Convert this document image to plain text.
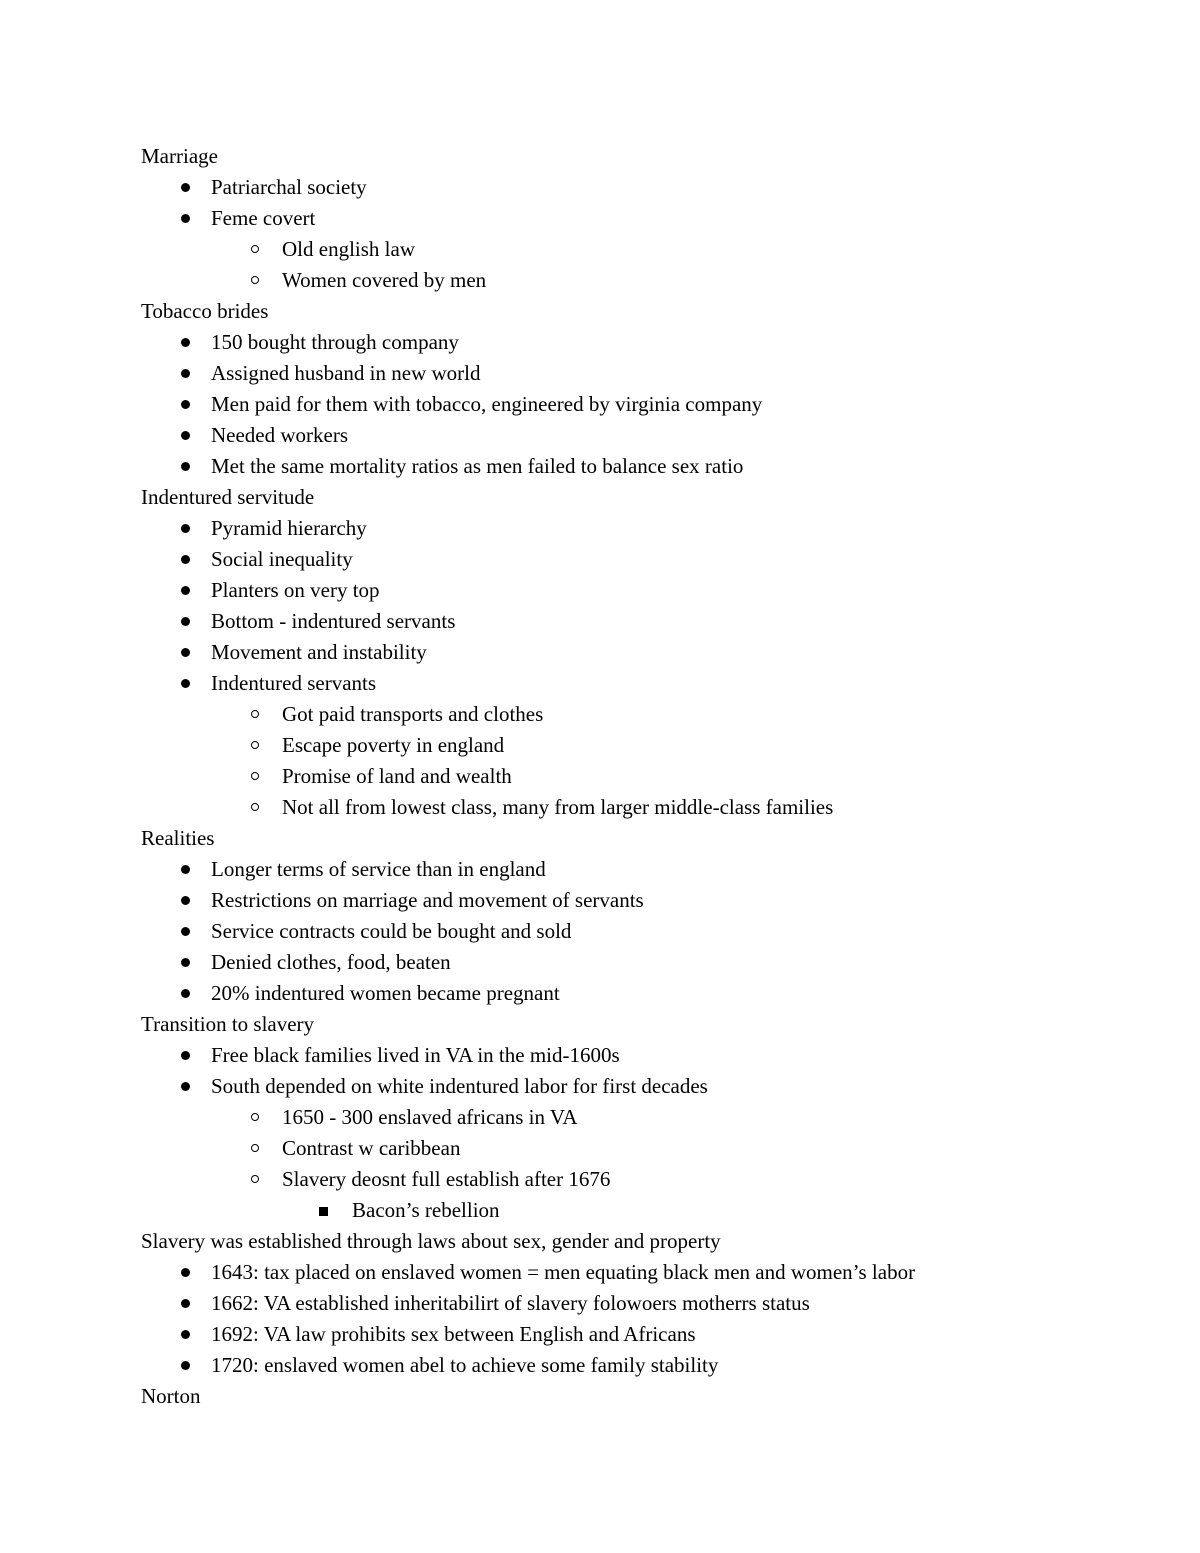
Marriage
Patriarchal society
Feme covert
Old english law
Women covered by men
Tobacco brides
150 bought through company
Assigned husband in new world
Men paid for them with tobacco, engineered by virginia company
Needed workers
Met the same mortality ratios as men failed to balance sex ratio
Indentured servitude
Pyramid hierarchy
Social inequality
Planters on very top
Bottom - indentured servants
Movement and instability
Indentured servants
Got paid transports and clothes
Escape poverty in england
Promise of land and wealth
Not all from lowest class, many from larger middle-class families
Realities
Longer terms of service than in england
Restrictions on marriage and movement of servants
Service contracts could be bought and sold
Denied clothes, food, beaten
20% indentured women became pregnant
Transition to slavery
Free black families lived in VA in the mid-1600s
South depended on white indentured labor for first decades
1650 - 300 enslaved africans in VA
Contrast w caribbean
Slavery deosnt full establish after 1676
Bacon’s rebellion
Slavery was established through laws about sex, gender and property
1643: tax placed on enslaved women = men equating black men and women’s labor
1662: VA established inheritabilirt of slavery folowoers motherrs status
1692: VA law prohibits sex between English and Africans
1720: enslaved women abel to achieve some family stability
Norton
